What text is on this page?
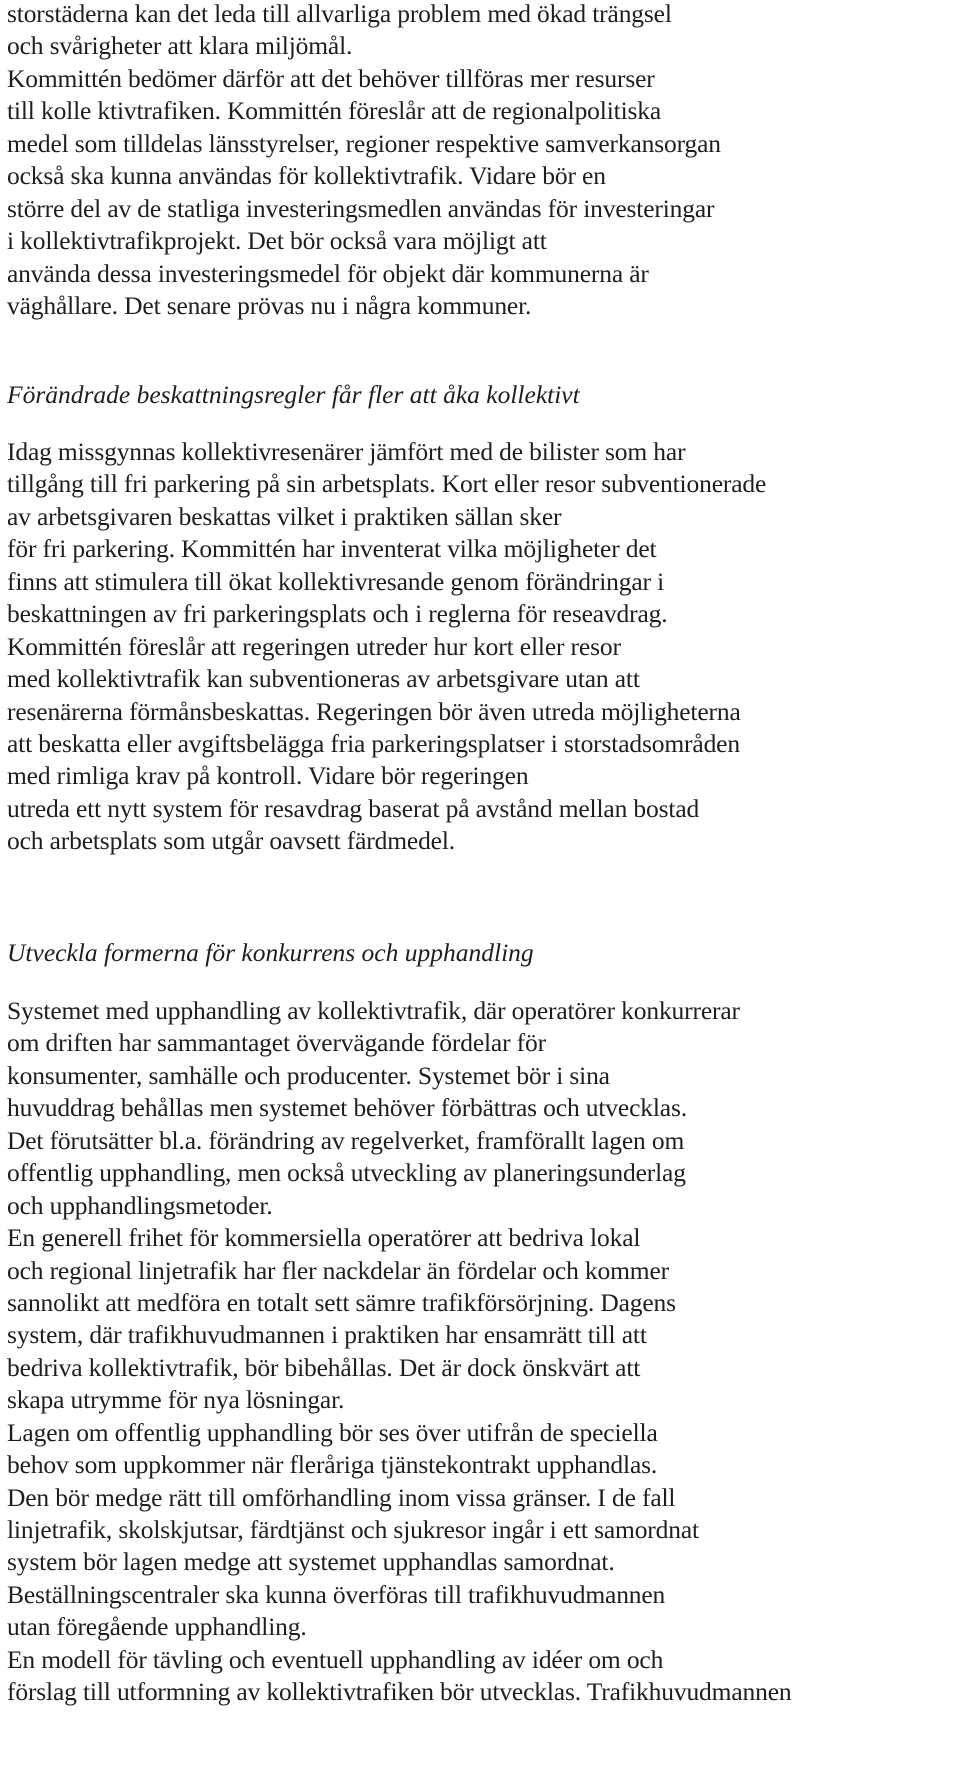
storstäderna kan det leda till allvarliga problem med ökad trängsel
och svårigheter att klara miljömål.
Kommittén bedömer därför att det behöver tillföras mer resurser
till kolle ktivtrafiken. Kommittén föreslår att de regionalpolitiska
medel som tilldelas länsstyrelser, regioner respektive samverkansorgan
också ska kunna användas för kollektivtrafik. Vidare bör en
större del av de statliga investeringsmedlen användas för investeringar
i kollektivtrafikprojekt. Det bör också vara möjligt att
använda dessa investeringsmedel för objekt där kommunerna är
väghållare. Det senare prövas nu i några kommuner.
Förändrade beskattningsregler får fler att åka kollektivt
Idag missgynnas kollektivresenärer jämfört med de bilister som har
tillgång till fri parkering på sin arbetsplats. Kort eller resor subventionerade
av arbetsgivaren beskattas vilket i praktiken sällan sker
för fri parkering. Kommittén har inventerat vilka möjligheter det
finns att stimulera till ökat kollektivresande genom förändringar i
beskattningen av fri parkeringsplats och i reglerna för reseavdrag.
Kommittén föreslår att regeringen utreder hur kort eller resor
med kollektivtrafik kan subventioneras av arbetsgivare utan att
resenärerna förmånsbeskattas. Regeringen bör även utreda möjligheterna
att beskatta eller avgiftsbelägga fria parkeringsplatser i storstadsområden
med rimliga krav på kontroll. Vidare bör regeringen
utreda ett nytt system för resavdrag baserat på avstånd mellan bostad
och arbetsplats som utgår oavsett färdmedel.
Utveckla formerna för konkurrens och upphandling
Systemet med upphandling av kollektivtrafik, där operatörer konkurrerar
om driften har sammantaget övervägande fördelar för
konsumenter, samhälle och producenter. Systemet bör i sina
huvuddrag behållas men systemet behöver förbättras och utvecklas.
Det förutsätter bl.a. förändring av regelverket, framförallt lagen om
offentlig upphandling, men också utveckling av planeringsunderlag
och upphandlingsmetoder.
En generell frihet för kommersiella operatörer att bedriva lokal
och regional linjetrafik har fler nackdelar än fördelar och kommer
sannolikt att medföra en totalt sett sämre trafikförsörjning. Dagens
system, där trafikhuvudmannen i praktiken har ensamrätt till att
bedriva kollektivtrafik, bör bibehållas. Det är dock önskvärt att
skapa utrymme för nya lösningar.
Lagen om offentlig upphandling bör ses över utifrån de speciella
behov som uppkommer när fleråriga tjänstekontrakt upphandlas.
Den bör medge rätt till omförhandling inom vissa gränser. I de fall
linjetrafik, skolskjutsar, färdtjänst och sjukresor ingår i ett samordnat
system bör lagen medge att systemet upphandlas samordnat.
Beställningscentraler ska kunna överföras till trafikhuvudmannen
utan föregående upphandling.
En modell för tävling och eventuell upphandling av idéer om och
förslag till utformning av kollektivtrafiken bör utvecklas. Trafikhuvudmannen
